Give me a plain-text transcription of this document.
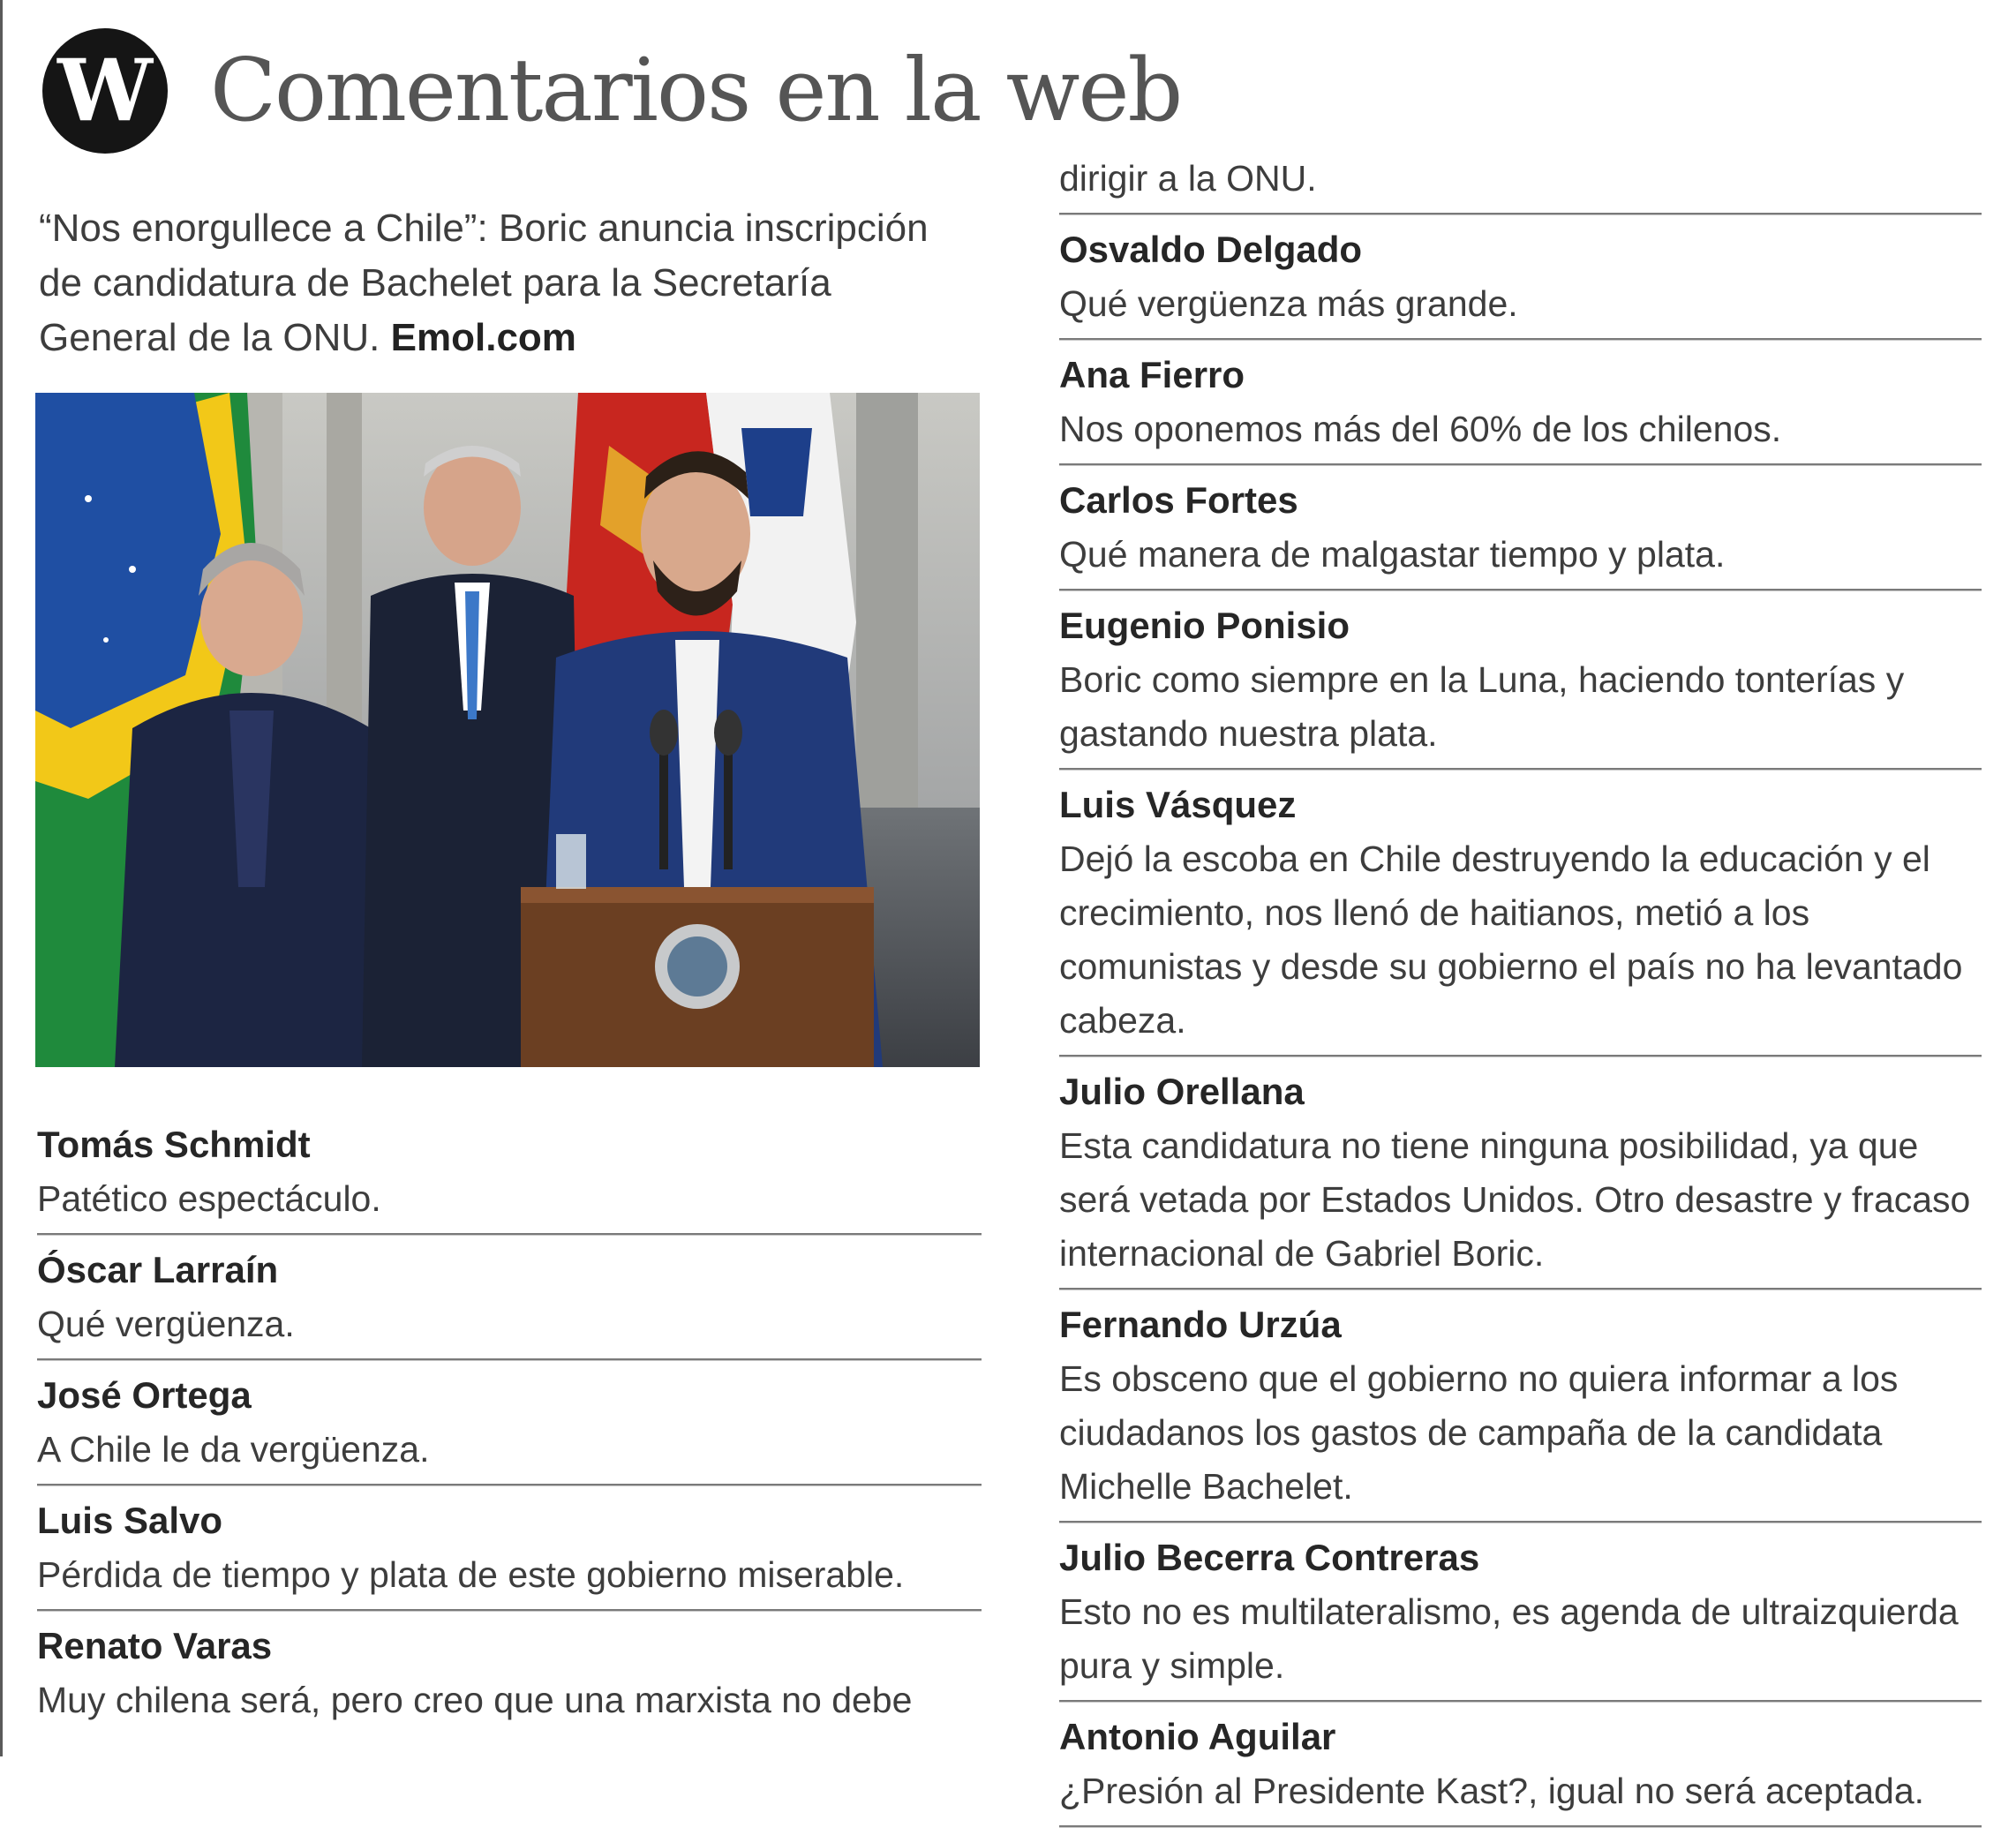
W Comentarios en la web
“Nos enorgullece a Chile”: Boric anuncia inscripción de candidatura de Bachelet para la Secretaría General de la ONU. Emol.com
Tomás Schmidt
Patético espectáculo.
Óscar Larraín
Qué vergüenza.
José Ortega
A Chile le da vergüenza.
Luis Salvo
Pérdida de tiempo y plata de este gobierno miserable.
Renato Varas
Muy chilena será, pero creo que una marxista no debe
dirigir a la ONU.
Osvaldo Delgado
Qué vergüenza más grande.
Ana Fierro
Nos oponemos más del 60% de los chilenos.
Carlos Fortes
Qué manera de malgastar tiempo y plata.
Eugenio Ponisio
Boric como siempre en la Luna, haciendo tonterías y gastando nuestra plata.
Luis Vásquez
Dejó la escoba en Chile destruyendo la educación y el crecimiento, nos llenó de haitianos, metió a los comunistas y desde su gobierno el país no ha levantado cabeza.
Julio Orellana
Esta candidatura no tiene ninguna posibilidad, ya que será vetada por Estados Unidos. Otro desastre y fracaso internacional de Gabriel Boric.
Fernando Urzúa
Es obsceno que el gobierno no quiera informar a los ciudadanos los gastos de campaña de la candidata Michelle Bachelet.
Julio Becerra Contreras
Esto no es multilateralismo, es agenda de ultraizquierda pura y simple.
Antonio Aguilar
¿Presión al Presidente Kast?, igual no será aceptada.
